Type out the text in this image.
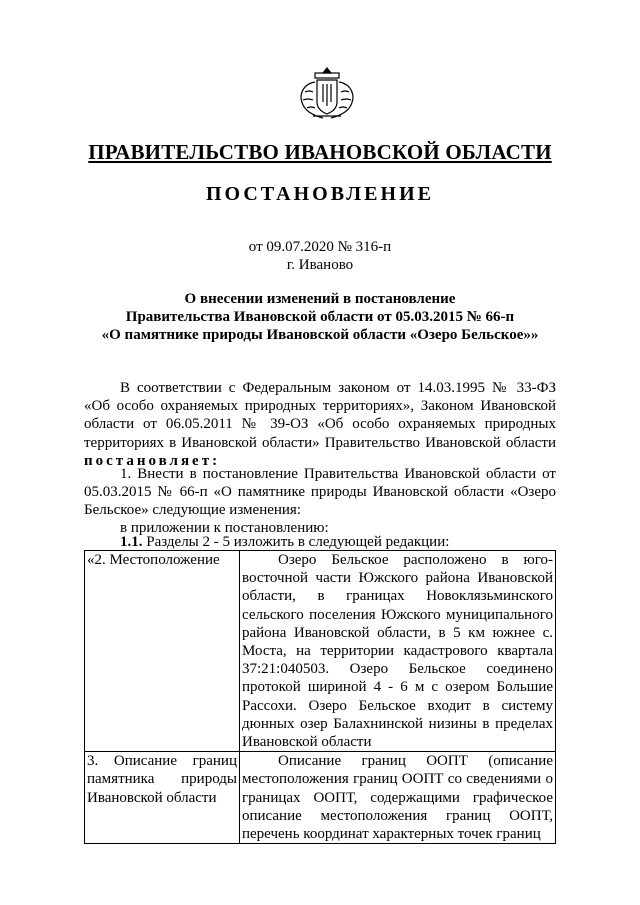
ПРАВИТЕЛЬСТВО ИВАНОВСКОЙ ОБЛАСТИ
ПОСТАНОВЛЕНИЕ
от 09.07.2020 № 316-п
г. Иваново
О внесении изменений в постановление
Правительства Ивановской области от 05.03.2015 № 66-п
«О памятнике природы Ивановской области «Озеро Бельское»»
В соответствии с Федеральным законом от 14.03.1995 № 33-ФЗ «Об особо охраняемых природных территориях», Законом Ивановской области от 06.05.2011 № 39-ОЗ «Об особо охраняемых природных территориях в Ивановской области» Правительство Ивановской области постановляет:
1. Внести в постановление Правительства Ивановской области от 05.03.2015 № 66-п «О памятнике природы Ивановской области «Озеро Бельское» следующие изменения:
в приложении к постановлению:
1.1. Разделы 2 - 5 изложить в следующей редакции:
«2. Местоположение	Озеро Бельское расположено в юго-восточной части Южского района Ивановской области, в границах Новоклязьминского сельского поселения Южского муниципального района Ивановской области, в 5 км южнее с. Моста, на территории кадастрового квартала 37:21:040503. Озеро Бельское соединено протокой шириной 4 - 6 м с озером Большие Рассохи. Озеро Бельское входит в систему дюнных озер Балахнинской низины в пределах Ивановской области
3. Описание границ памятника природы Ивановской области	Описание границ ООПТ (описание местоположения границ ООПТ со сведениями о границах ООПТ, содержащими графическое описание местоположения границ ООПТ, перечень координат характерных точек границ
